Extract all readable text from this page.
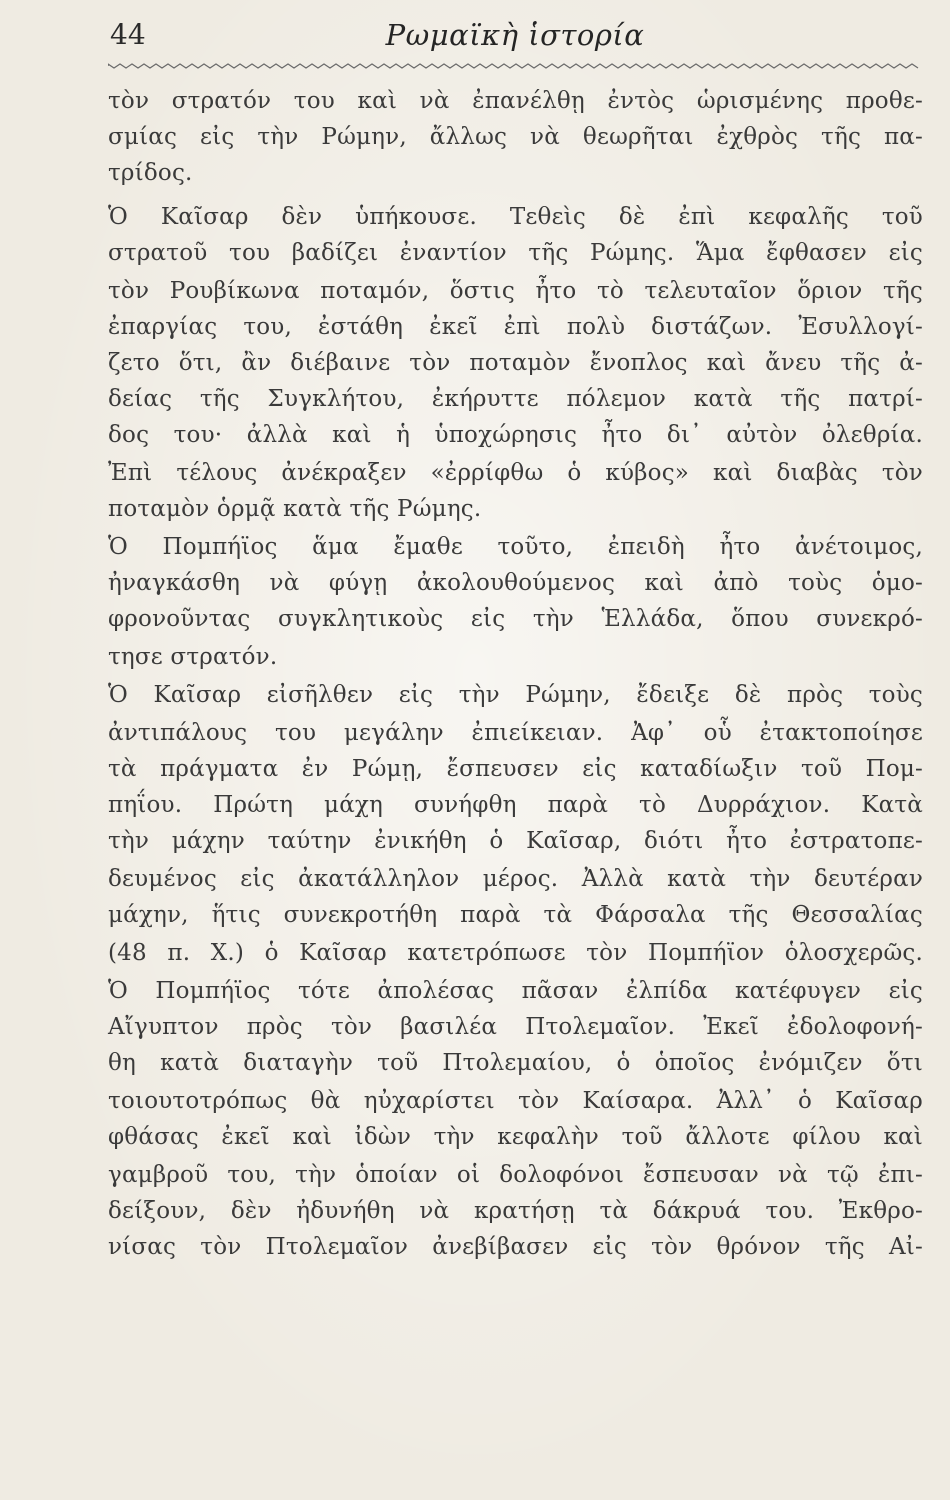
44	Ρωμαϊκὴ ἱστορία
τὸν στρατόν του καὶ νὰ ἐπανέλθῃ ἐντὸς ὡρισμένης προθε-
σμίας εἰς τὴν Ρώμην, ἄλλως νὰ θεωρῆται ἐχθρὸς τῆς πα-
τρίδος.
Ὁ Καῖσαρ δὲν ὑπήκουσε. Τεθεὶς δὲ ἐπὶ κεφαλῆς τοῦ
στρατοῦ του βαδίζει ἐναντίον τῆς Ρώμης. Ἅμα ἔφθασεν εἰς
τὸν Ρουβίκωνα ποταμόν, ὅστις ἦτο τὸ τελευταῖον ὅριον τῆς
ἐπαργίας του, ἐστάθη ἐκεῖ ἐπὶ πολὺ διστάζων. Ἐσυλλογί-
ζετο ὅτι, ἂν διέβαινε τὸν ποταμὸν ἔνοπλος καὶ ἄνευ τῆς ἀ-
δείας τῆς Συγκλήτου, ἐκήρυττε πόλεμον κατὰ τῆς πατρί-
δος του· ἀλλὰ καὶ ἡ ὑποχώρησις ἦτο δι᾽ αὐτὸν ὀλεθρία.
Ἐπὶ τέλους ἀνέκραξεν «ἐρρίφθω ὁ κύβος» καὶ διαβὰς τὸν
ποταμὸν ὁρμᾷ κατὰ τῆς Ρώμης.
Ὁ Πομπήϊος ἅμα ἔμαθε τοῦτο, ἐπειδὴ ἦτο ἀνέτοιμος,
ἠναγκάσθη νὰ φύγῃ ἀκολουθούμενος καὶ ἀπὸ τοὺς ὁμο-
φρονοῦντας συγκλητικοὺς εἰς τὴν Ἑλλάδα, ὅπου συνεκρό-
τησε στρατόν.
Ὁ Καῖσαρ εἰσῆλθεν εἰς τὴν Ρώμην, ἔδειξε δὲ πρὸς τοὺς
ἀντιπάλους του μεγάλην ἐπιείκειαν. Ἀφ᾽ οὗ ἐτακτοποίησε
τὰ πράγματα ἐν Ρώμῃ, ἔσπευσεν εἰς καταδίωξιν τοῦ Πομ-
πηΐου. Πρώτη μάχη συνήφθη παρὰ τὸ Δυρράχιον. Κατὰ
τὴν μάχην ταύτην ἐνικήθη ὁ Καῖσαρ, διότι ἦτο ἐστρατοπε-
δευμένος εἰς ἀκατάλληλον μέρος. Ἀλλὰ κατὰ τὴν δευτέραν
μάχην, ἥτις συνεκροτήθη παρὰ τὰ Φάρσαλα τῆς Θεσσαλίας
(48 π. Χ.) ὁ Καῖσαρ κατετρόπωσε τὸν Πομπήϊον ὁλοσχερῶς.
Ὁ Πομπήϊος τότε ἀπολέσας πᾶσαν ἐλπίδα κατέφυγεν εἰς
Αἴγυπτον πρὸς τὸν βασιλέα Πτολεμαῖον. Ἐκεῖ ἐδολοφονή-
θη κατὰ διαταγὴν τοῦ Πτολεμαίου, ὁ ὁποῖος ἐνόμιζεν ὅτι
τοιουτοτρόπως θὰ ηὐχαρίστει τὸν Καίσαρα. Ἀλλ᾽ ὁ Καῖσαρ
φθάσας ἐκεῖ καὶ ἰδὼν τὴν κεφαλὴν τοῦ ἄλλοτε φίλου καὶ
γαμβροῦ του, τὴν ὁποίαν οἱ δολοφόνοι ἔσπευσαν νὰ τῷ ἐπι-
δείξουν, δὲν ἠδυνήθη νὰ κρατήσῃ τὰ δάκρυά του. Ἐκθρο-
νίσας τὸν Πτολεμαῖον ἀνεβίβασεν εἰς τὸν θρόνον τῆς Αἰ-
